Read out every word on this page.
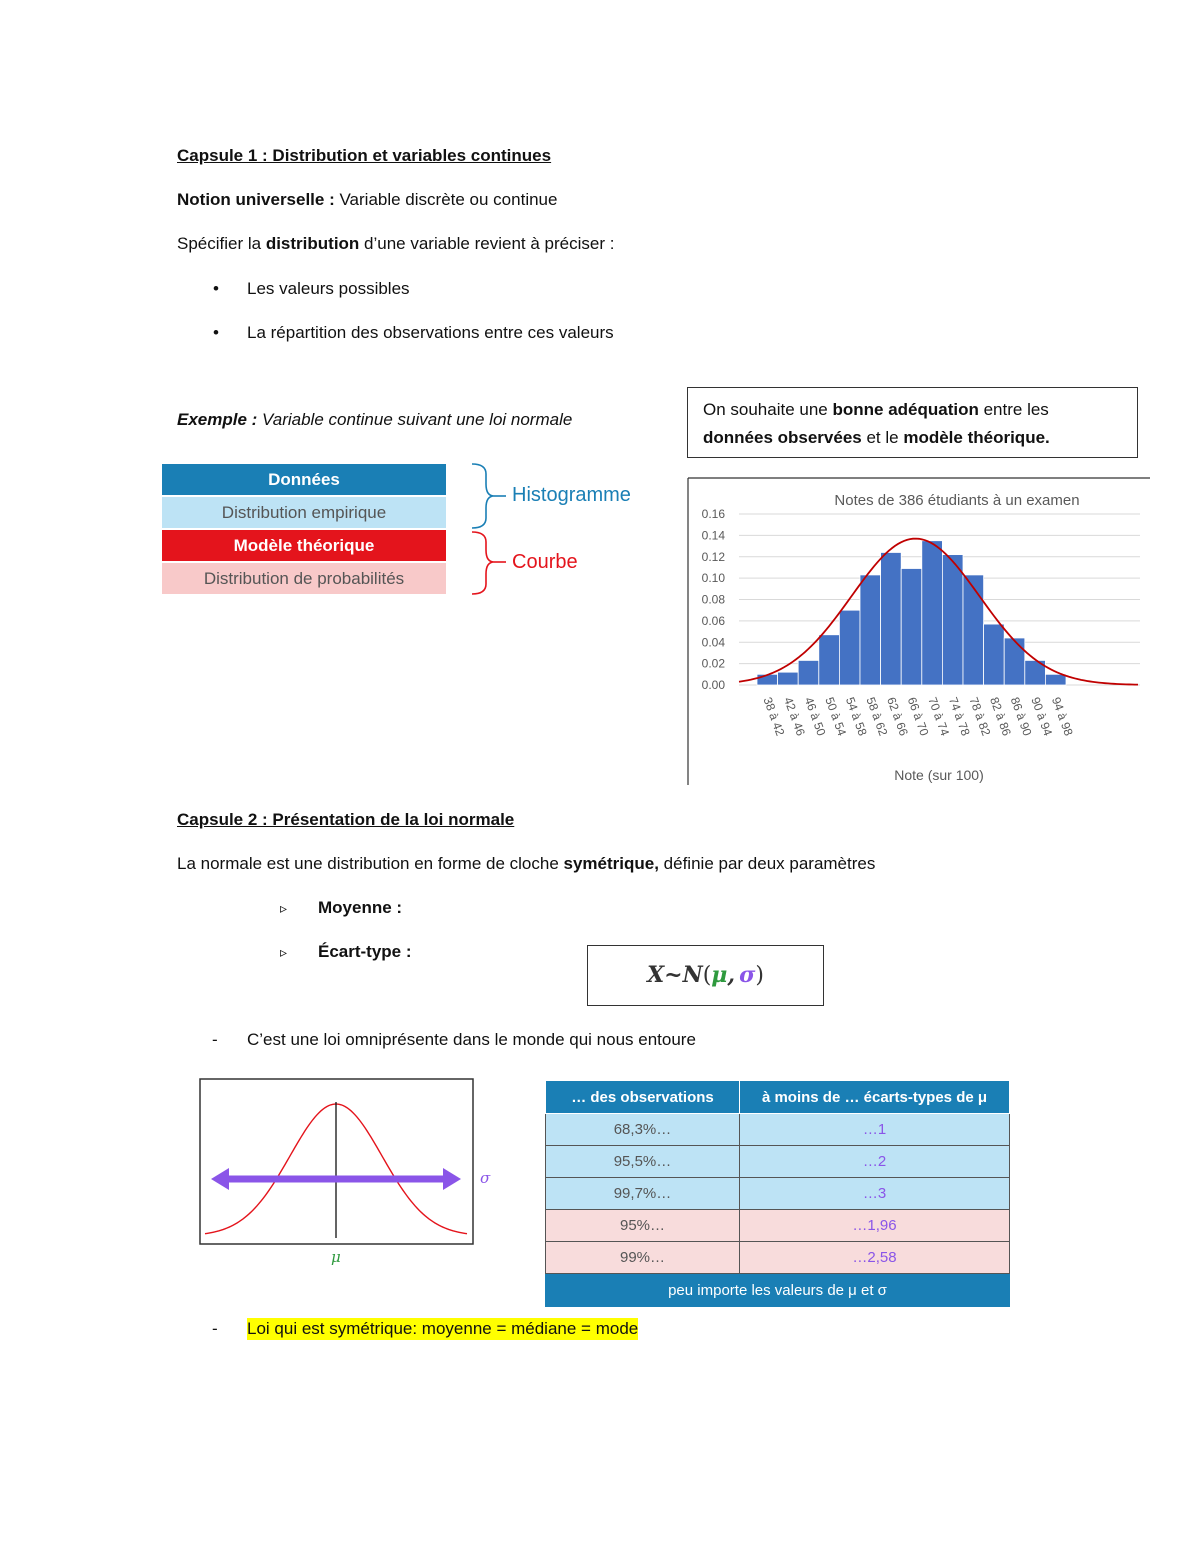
Capsule 1 : Distribution et variables continues
Notion universelle : Variable discrète ou continue
Spécifier la distribution d’une variable revient à préciser :
•	Les valeurs possibles
•	La répartition des observations entre ces valeurs
Exemple : Variable continue suivant une loi normale
Données
Distribution empirique
Modèle théorique
Distribution de probabilités
Histogramme
Courbe
On souhaite une bonne adéquation entre les
données observées et le modèle théorique.
0.00
0.02
0.04
0.06
0.08
0.10
0.12
0.14
0.16
Notes de 386 étudiants à un examen
38 à 42
42 à 46
46 à 50
50 à 54
54 à 58
58 à 62
62 à 66
66 à 70
70 à 74
74 à 78
78 à 82
82 à 86
86 à 90
90 à 94
94 à 98
Note (sur 100)
Capsule 2 : Présentation de la loi normale
La normale est une distribution en forme de cloche symétrique, définie par deux paramètres
▹ Moyenne :
▹ Écart-type :
X~N(μ, σ)
- C’est une loi omniprésente dans le monde qui nous entoure
σ
μ
… des observations	à moins de … écarts-types de μ
68,3%…	…1
95,5%…	…2
99,7%…	…3
95%…	…1,96
99%…	…2,58
peu importe les valeurs de μ et σ	
- Loi qui est symétrique: moyenne = médiane = mode
